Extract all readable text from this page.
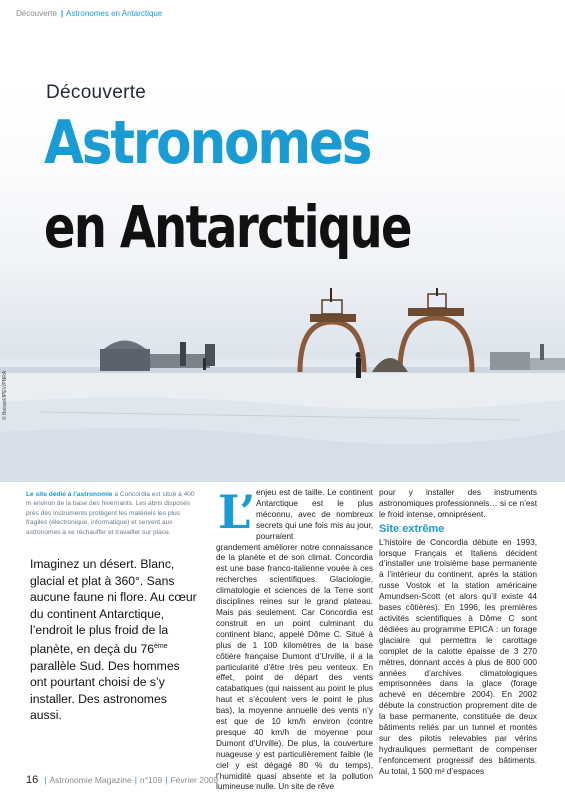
Découverte | Astronomes en Antarctique
Découverte
Astronomes
en Antarctique
© Boissel/IPEV/PNRA
Le site dédié à l’astronomie à Concordia est situé à 400 m environ de la base des hivernants. Les abris disposés près des instruments protègent les matériels les plus fragiles (électronique, informatique) et servent aux astronomes à se réchauffer et travailler sur place.
Imaginez un désert. Blanc, glacial et plat à 360°. Sans aucune faune ni flore. Au cœur du continent Antarctique, l’endroit le plus froid de la planète, en deçà du 76ème parallèle Sud. Des hommes ont pourtant choisi de s’y installer. Des astronomes aussi.
L’ enjeu est de taille. Le continent Antarctique est le plus méconnu, avec de nombreux secrets qui une fois mis au jour, pourraient
grandement améliorer notre connaissance de la planète et de son climat. Concordia est une base franco-italienne vouée à ces recherches scientifiques. Glaciologie, climatologie et sciences de la Terre sont disciplines reines sur le grand plateau. Mais pas seulement. Car Concordia est construit en un point culminant du continent blanc, appelé Dôme C. Situé à plus de 1 100 kilomètres de la base côtière française Dumont d’Urville, il a la particularité d’être très peu venteux. En effet, point de départ des vents catabatiques (qui naissent au point le plus haut et s’écoulent vers le point le plus bas), la moyenne annuelle des vents n’y est que de 10 km/h environ (contre presque 40 km/h de moyenne pour Dumont d’Urville). De plus, la couverture nuageuse y est particulièrement faible (le ciel y est dégagé 80 % du temps), l’humidité quasi absente et la pollution lumineuse nulle. Un site de rêve

pour y installer des instruments astronomiques professionnels… si ce n’est le froid intense, omniprésent.

Site extrême

L’histoire de Concordia débute en 1993, lorsque Français et Italiens décident d’installer une troisième base permanente à l’intérieur du continent, après la station russe Vostok et la station américaine Amundsen-Scott (et alors qu’il existe 44 bases côtières). En 1996, les premières activités scientifiques à Dôme C sont dédiées au programme EPICA : un forage glaciaire qui permettra le carottage complet de la calotte épaisse de 3 270 mètres, donnant accès à plus de 800 000 années d’archives climatologiques emprisonnées dans la glace (forage achevé en décembre 2004). En 2002 débute la construction proprement dite de la base permanente, constituée de deux bâtiments reliés par un tunnel et montés sur des pilotis relevables par vérins hydrauliques permettant de compenser l’enfoncement progressif des bâtiments. Au total, 1 500 m² d’espaces

16 | Astronomie Magazine | n°109 | Février 2009
